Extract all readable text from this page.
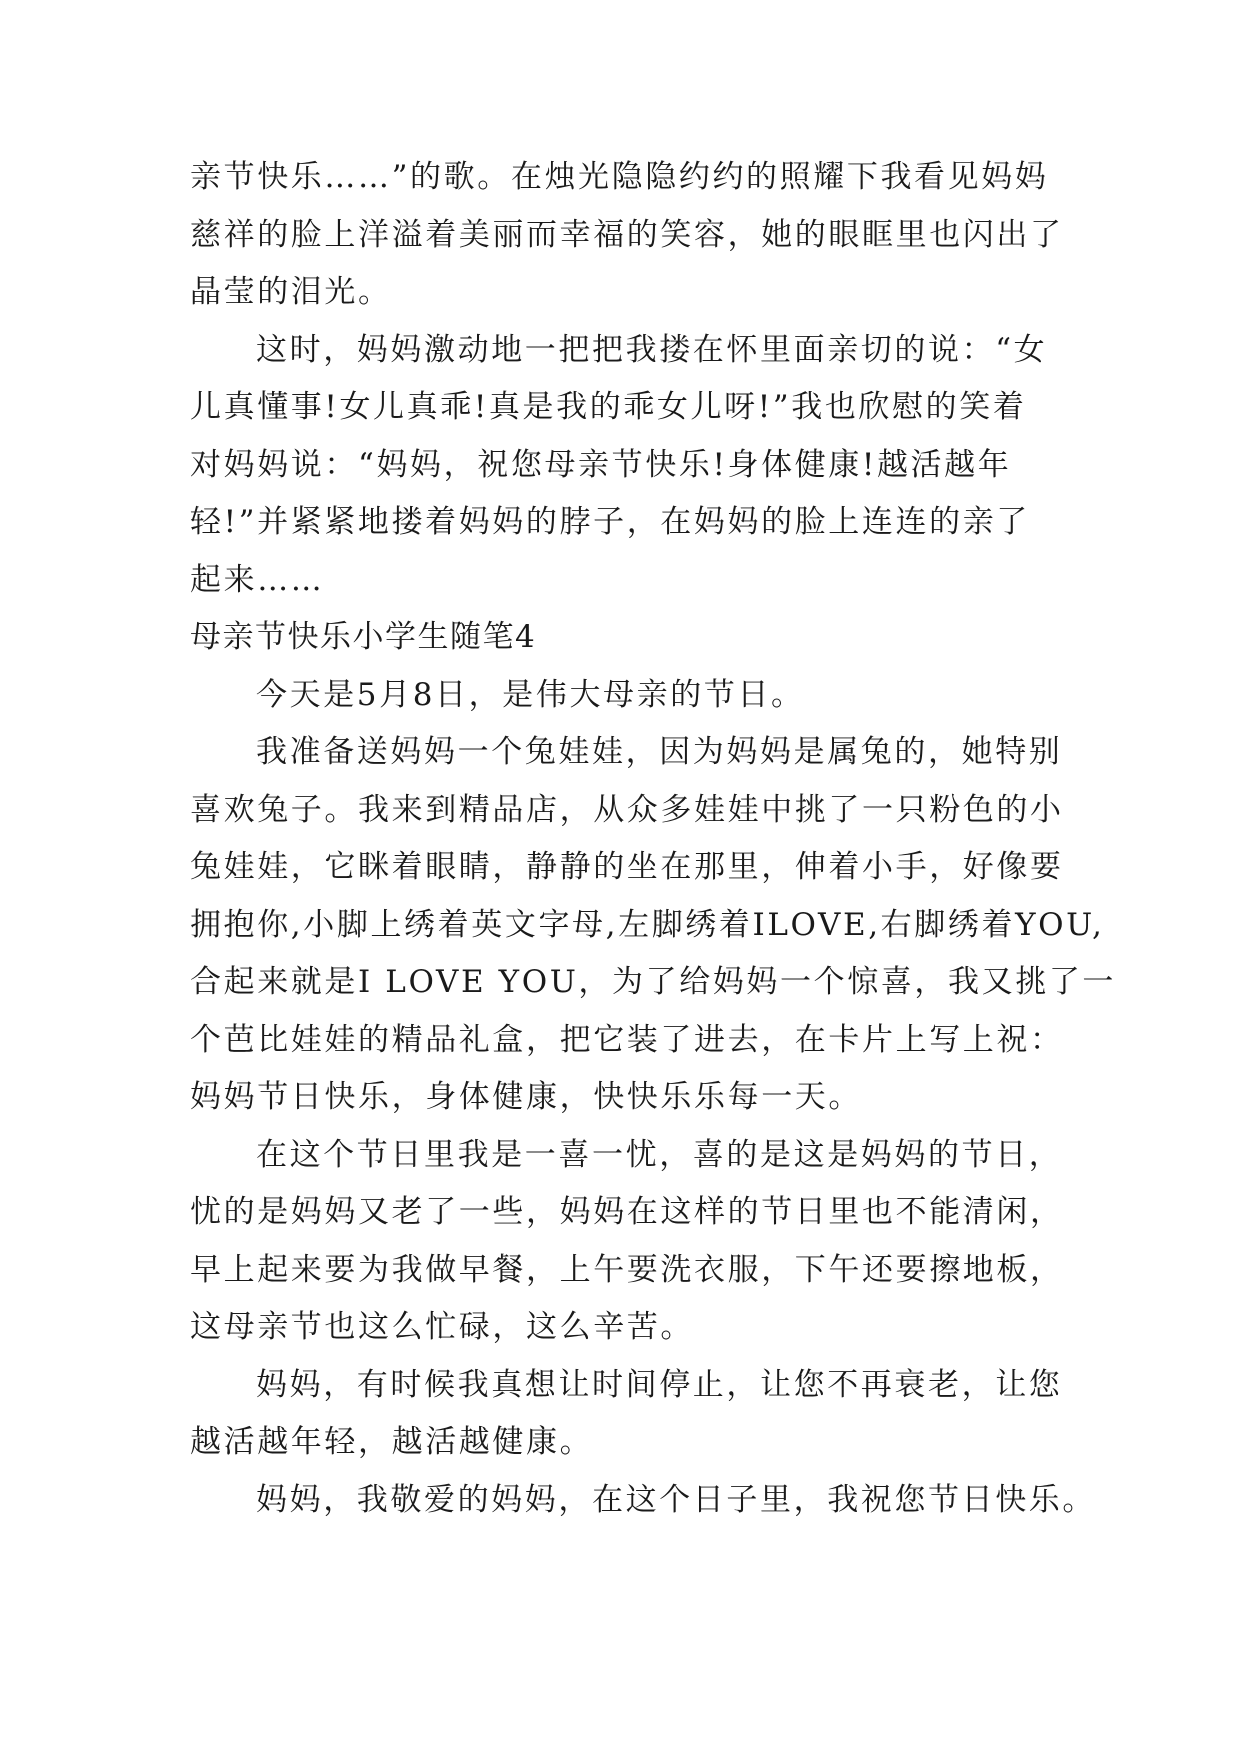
亲节快乐……”的歌。在烛光隐隐约约的照耀下我看见妈妈
慈祥的脸上洋溢着美丽而幸福的笑容，她的眼眶里也闪出了
晶莹的泪光。
这时，妈妈激动地一把把我搂在怀里面亲切的说：“女
儿真懂事!女儿真乖!真是我的乖女儿呀!”我也欣慰的笑着
对妈妈说：“妈妈，祝您母亲节快乐!身体健康!越活越年
轻!”并紧紧地搂着妈妈的脖子，在妈妈的脸上连连的亲了
起来……
母亲节快乐小学生随笔4
今天是5月8日，是伟大母亲的节日。
我准备送妈妈一个兔娃娃，因为妈妈是属兔的，她特别
喜欢兔子。我来到精品店，从众多娃娃中挑了一只粉色的小
兔娃娃，它眯着眼睛，静静的坐在那里，伸着小手，好像要
拥抱你,小脚上绣着英文字母,左脚绣着ILOVE,右脚绣着YOU,
合起来就是I LOVE YOU，为了给妈妈一个惊喜，我又挑了一
个芭比娃娃的精品礼盒，把它装了进去，在卡片上写上祝：
妈妈节日快乐，身体健康，快快乐乐每一天。
在这个节日里我是一喜一忧，喜的是这是妈妈的节日，
忧的是妈妈又老了一些，妈妈在这样的节日里也不能清闲，
早上起来要为我做早餐，上午要洗衣服，下午还要擦地板，
这母亲节也这么忙碌，这么辛苦。
妈妈，有时候我真想让时间停止，让您不再衰老，让您
越活越年轻，越活越健康。
妈妈，我敬爱的妈妈，在这个日子里，我祝您节日快乐。
